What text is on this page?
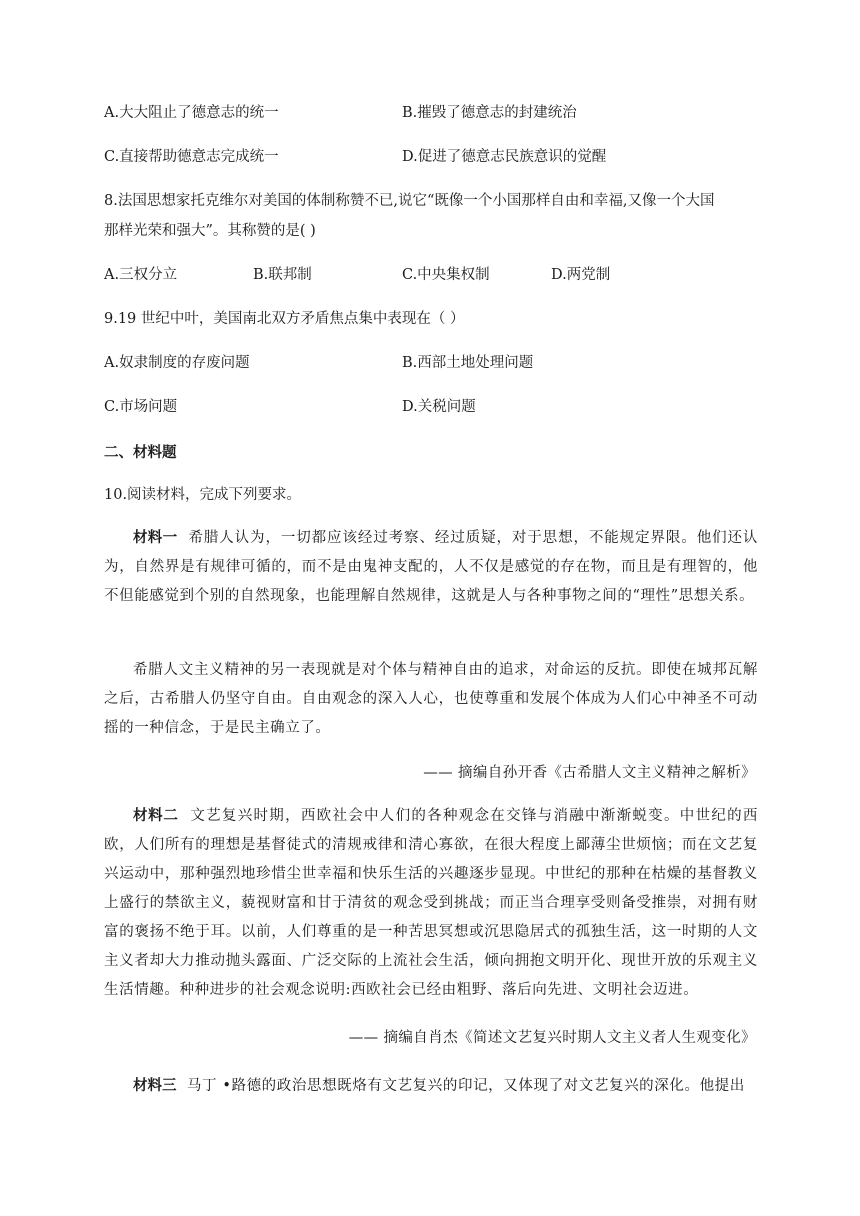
A.大大阻止了德意志的统一	B.摧毁了德意志的封建统治
C.直接帮助德意志完成统一	D.促进了德意志民族意识的觉醒
8.法国思想家托克维尔对美国的体制称赞不已,说它“既像一个小国那样自由和幸福,又像一个大国
那样光荣和强大”。其称赞的是( )
A.三权分立	B.联邦制	C.中央集权制	D.两党制
9.19 世纪中叶，美国南北双方矛盾焦点集中表现在（ ）
A.奴隶制度的存废问题	B.西部土地处理问题
C.市场问题	D.关税问题
二、材料题
10.阅读材料，完成下列要求。
材料一 希腊人认为，一切都应该经过考察、经过质疑，对于思想，不能规定界限。他们还认为，自然界是有规律可循的，而不是由鬼神支配的，人不仅是感觉的存在物，而且是有理智的，他不但能感觉到个别的自然现象，也能理解自然规律，这就是人与各种事物之间的“理性”思想关系。
希腊人文主义精神的另一表现就是对个体与精神自由的追求，对命运的反抗。即使在城邦瓦解之后，古希腊人仍坚守自由。自由观念的深入人心，也使尊重和发展个体成为人们心中神圣不可动摇的一种信念，于是民主确立了。
—— 摘编自孙开香《古希腊人文主义精神之解析》
材料二 文艺复兴时期，西欧社会中人们的各种观念在交锋与消融中渐渐蜕变。中世纪的西欧，人们所有的理想是基督徒式的清规戒律和清心寡欲，在很大程度上鄙薄尘世烦恼；而在文艺复兴运动中，那种强烈地珍惜尘世幸福和快乐生活的兴趣逐步显现。中世纪的那种在枯燥的基督教义上盛行的禁欲主义，藐视财富和甘于清贫的观念受到挑战；而正当合理享受则备受推崇，对拥有财富的褒扬不绝于耳。以前，人们尊重的是一种苦思冥想或沉思隐居式的孤独生活，这一时期的人文主义者却大力推动抛头露面、广泛交际的上流社会生活，倾向拥抱文明开化、现世开放的乐观主义生活情趣。种种进步的社会观念说明:西欧社会已经由粗野、落后向先进、文明社会迈进。
—— 摘编自肖杰《简述文艺复兴时期人文主义者人生观变化》
材料三 马丁 •路德的政治思想既烙有文艺复兴的印记，又体现了对文艺复兴的深化。他提出
